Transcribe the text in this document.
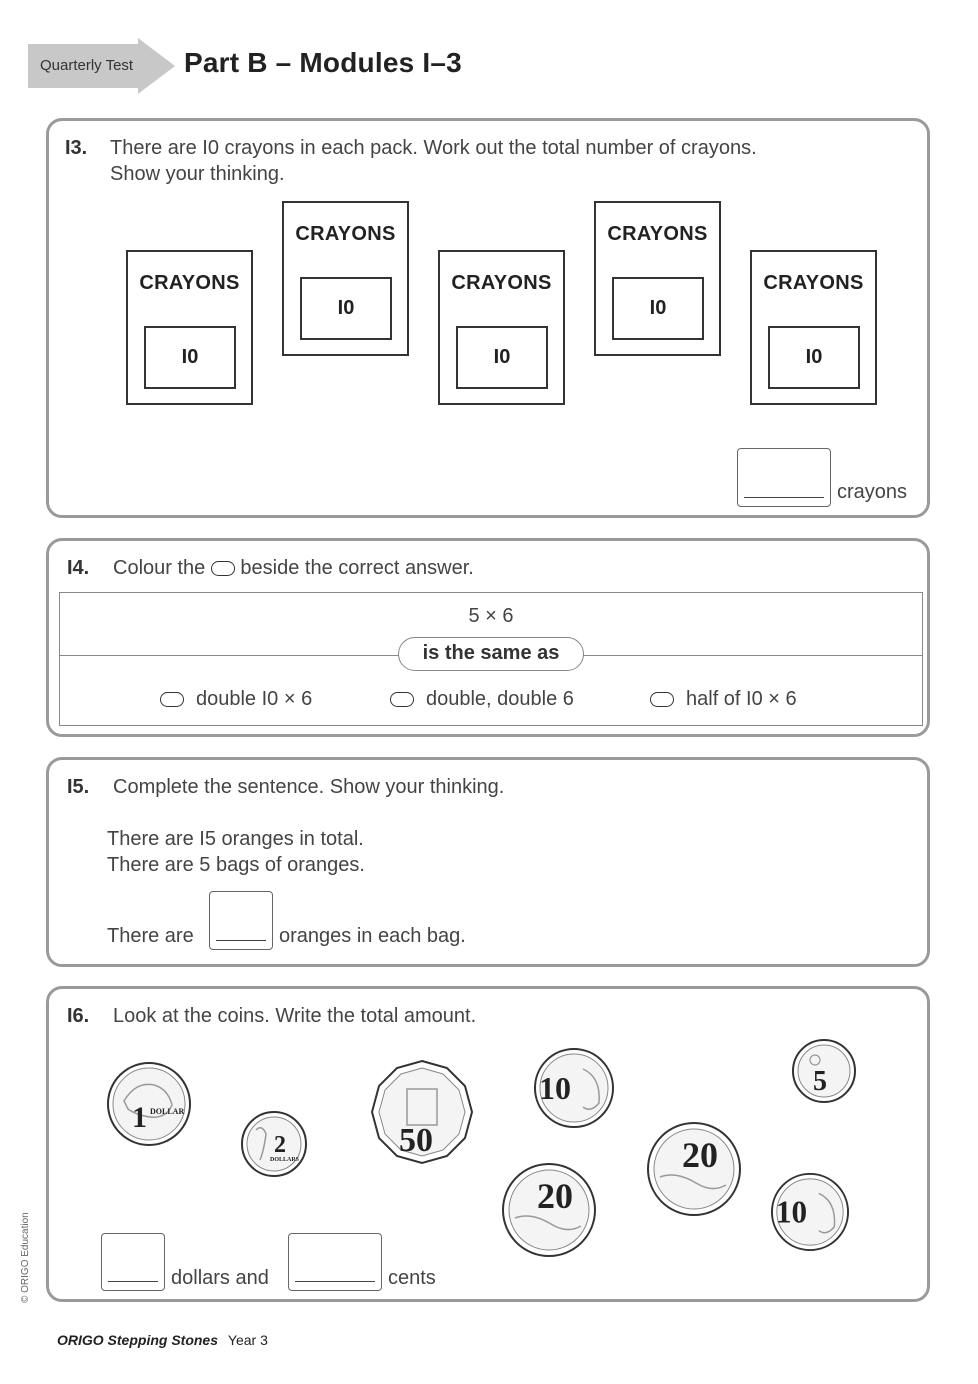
Quarterly Test Part B – Modules I–3
I3. There are I0 crayons in each pack. Work out the total number of crayons.
Show your thinking.
CRAYONS
I0
CRAYONS
I0
CRAYONS
I0
CRAYONS
I0
CRAYONS
I0
crayons
I4. Colour the beside the correct answer.
5 × 6
is the same as
double I0 × 6	double, double 6	half of I0 × 6
I5. Complete the sentence. Show your thinking.
There are I5 oranges in total.
There are 5 bags of oranges.
There are	oranges in each bag.
I6. Look at the coins. Write the total amount.
1 DOLLAR
2
DOLLARS
50
10
20
20
5
10
dollars and	cents
© ORIGO Education
ORIGO Stepping Stones Year 3
